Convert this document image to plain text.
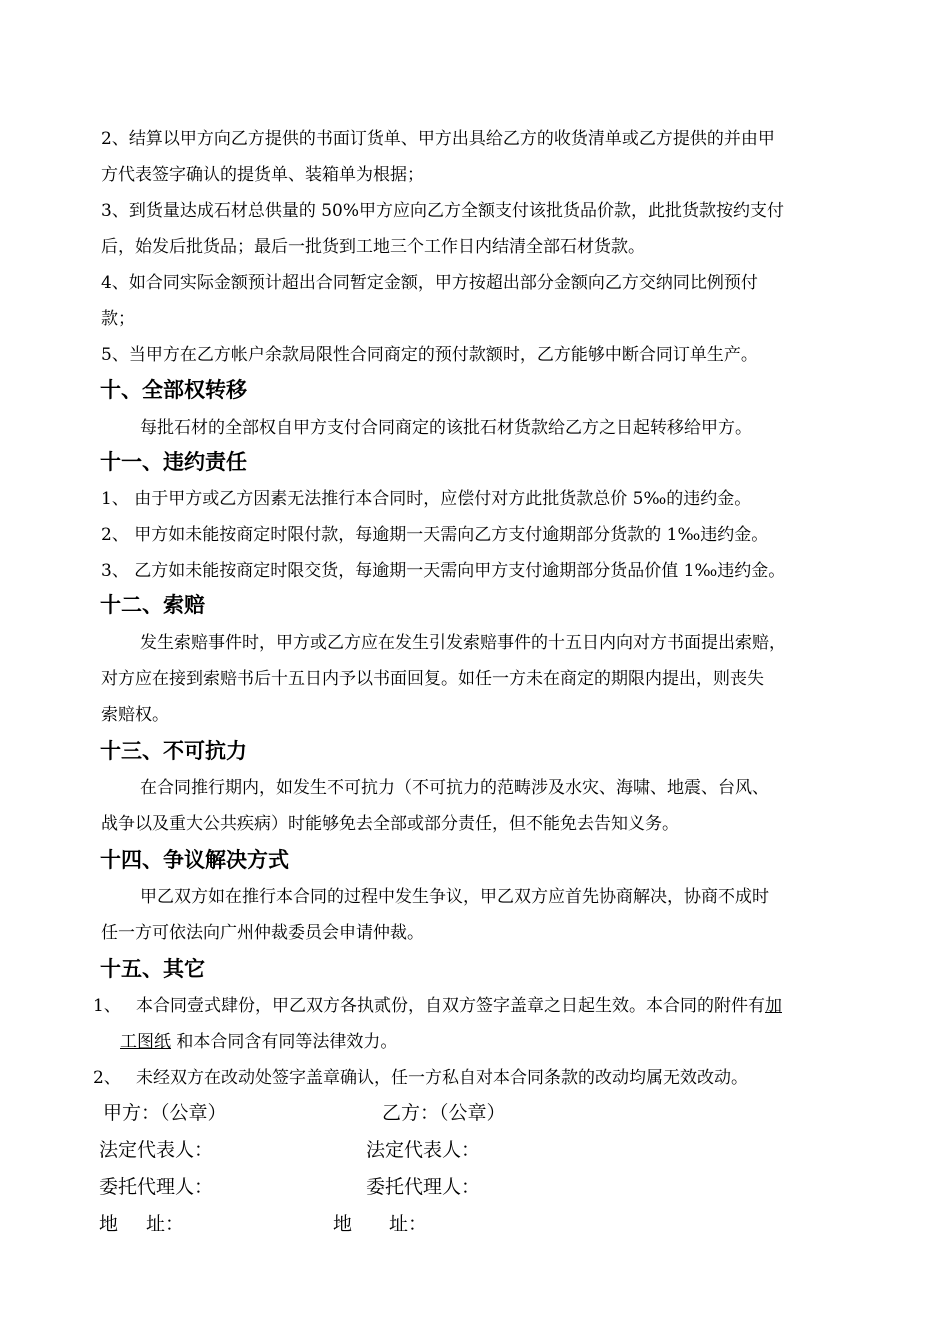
2、结算以甲方向乙方提供的书面订货单、甲方出具给乙方的收货清单或乙方提供的并由甲
方代表签字确认的提货单、装箱单为根据；
3、到货量达成石材总供量的 50%甲方应向乙方全额支付该批货品价款，此批货款按约支付
后，始发后批货品；最后一批货到工地三个工作日内结清全部石材货款。
4、如合同实际金额预计超出合同暂定金额，甲方按超出部分金额向乙方交纳同比例预付
款；
5、当甲方在乙方帐户余款局限性合同商定的预付款额时，乙方能够中断合同订单生产。
十、全部权转移
每批石材的全部权自甲方支付合同商定的该批石材货款给乙方之日起转移给甲方。
十一、违约责任
1、 由于甲方或乙方因素无法推行本合同时，应偿付对方此批货款总价 5‰的违约金。
2、 甲方如未能按商定时限付款，每逾期一天需向乙方支付逾期部分货款的 1‰违约金。
3、 乙方如未能按商定时限交货，每逾期一天需向甲方支付逾期部分货品价值 1‰违约金。
十二、索赔
发生索赔事件时，甲方或乙方应在发生引发索赔事件的十五日内向对方书面提出索赔，
对方应在接到索赔书后十五日内予以书面回复。如任一方未在商定的期限内提出，则丧失
索赔权。
十三、不可抗力
在合同推行期内，如发生不可抗力（不可抗力的范畴涉及水灾、海啸、地震、台风、
战争以及重大公共疾病）时能够免去全部或部分责任，但不能免去告知义务。
十四、争议解决方式
甲乙双方如在推行本合同的过程中发生争议，甲乙双方应首先协商解决，协商不成时
任一方可依法向广州仲裁委员会申请仲裁。
十五、其它
1、 本合同壹式肆份，甲乙双方各执贰份，自双方签字盖章之日起生效。本合同的附件有加
工图纸 和本合同含有同等法律效力。
2、 未经双方在改动处签字盖章确认，任一方私自对本合同条款的改动均属无效改动。
甲方：（公章）	乙方：（公章）
法定代表人：	法定代表人：
委托代理人：	委托代理人：
地 址：	地 址：
